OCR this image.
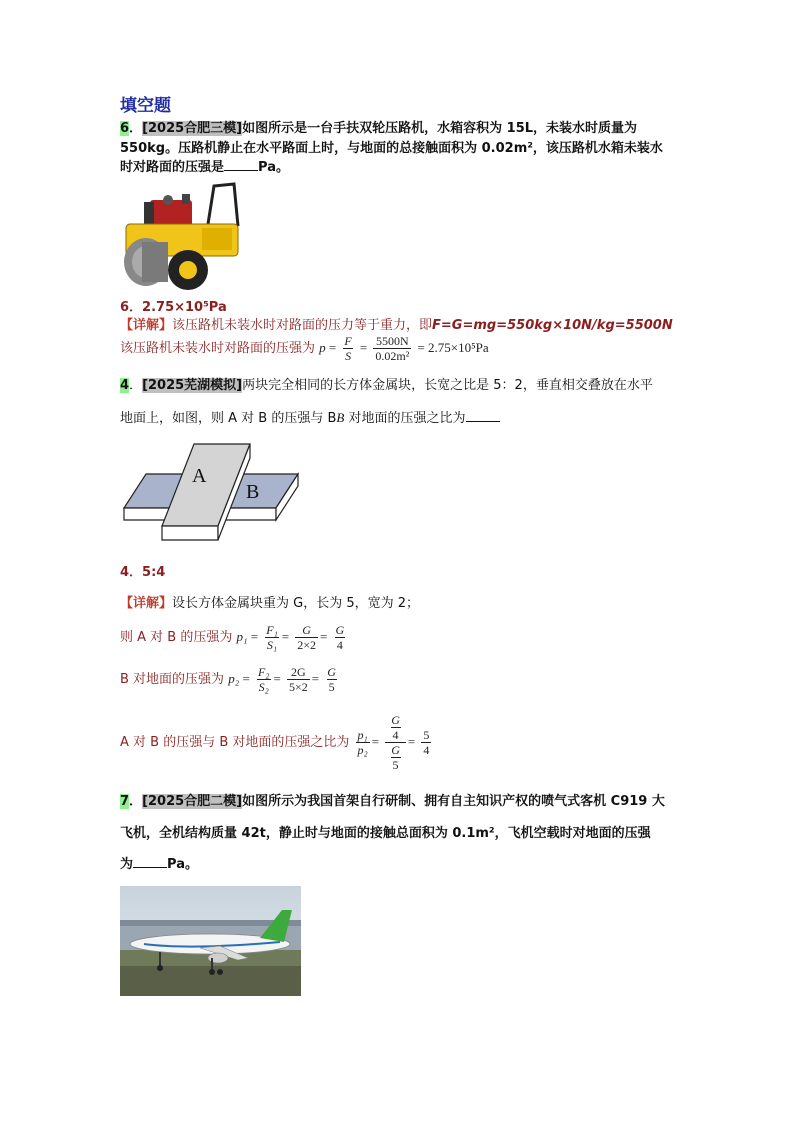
填空题
6．[2025合肥三模]如图所示是一台手扶双轮压路机，水箱容积为 15L，未装水时质量为
550kg。压路机静止在水平路面上时，与地面的总接触面积为 0.02m²，该压路机水箱未装水
时对路面的压强是	Pa。
6．2.75×10⁵Pa
【详解】该压路机未装水时对路面的压力等于重力，即F=G=mg=550kg×10N/kg=5500N
该压路机未装水时对路面的压强为 $p = \frac{F}{S} = \frac{5500N}{\text{0.02m²}} = 2.75\times 10^5Pa$
4．[2025芜湖模拟]两块完全相同的长方体金属块，长宽之比是 5：2，垂直相交叠放在水平
地面上，如图，则 A 对 B 的压强与 BB 对地面的压强之比为
A
B
4．5:4
【详解】设长方体金属块重为 G，长为 5，宽为 2；
则 A 对 B 的压强为 $p_1 = \frac{\text{F₁}}{\text{S₁}} = \frac{G}{2\times 2} = \frac{G}{4}$
B 对地面的压强为 $p_2 = \frac{\text{F₂}}{\text{S₂}} = \frac{2G}{5\times 2} = \frac{G}{5}$
A 对 B 的压强与 B 对地面的压强之比为 $\frac{\text{p₁}}{\text{p₂}} = \frac{\frac{G}{4}}{\frac{G}{5}} = \frac{5}{4}$
7．[2025合肥二模]如图所示为我国首架自行研制、拥有自主知识产权的喷气式客机 C919 大
飞机，全机结构质量 42t，静止时与地面的接触总面积为 0.1m²，飞机空载时对地面的压强
为	Pa。
